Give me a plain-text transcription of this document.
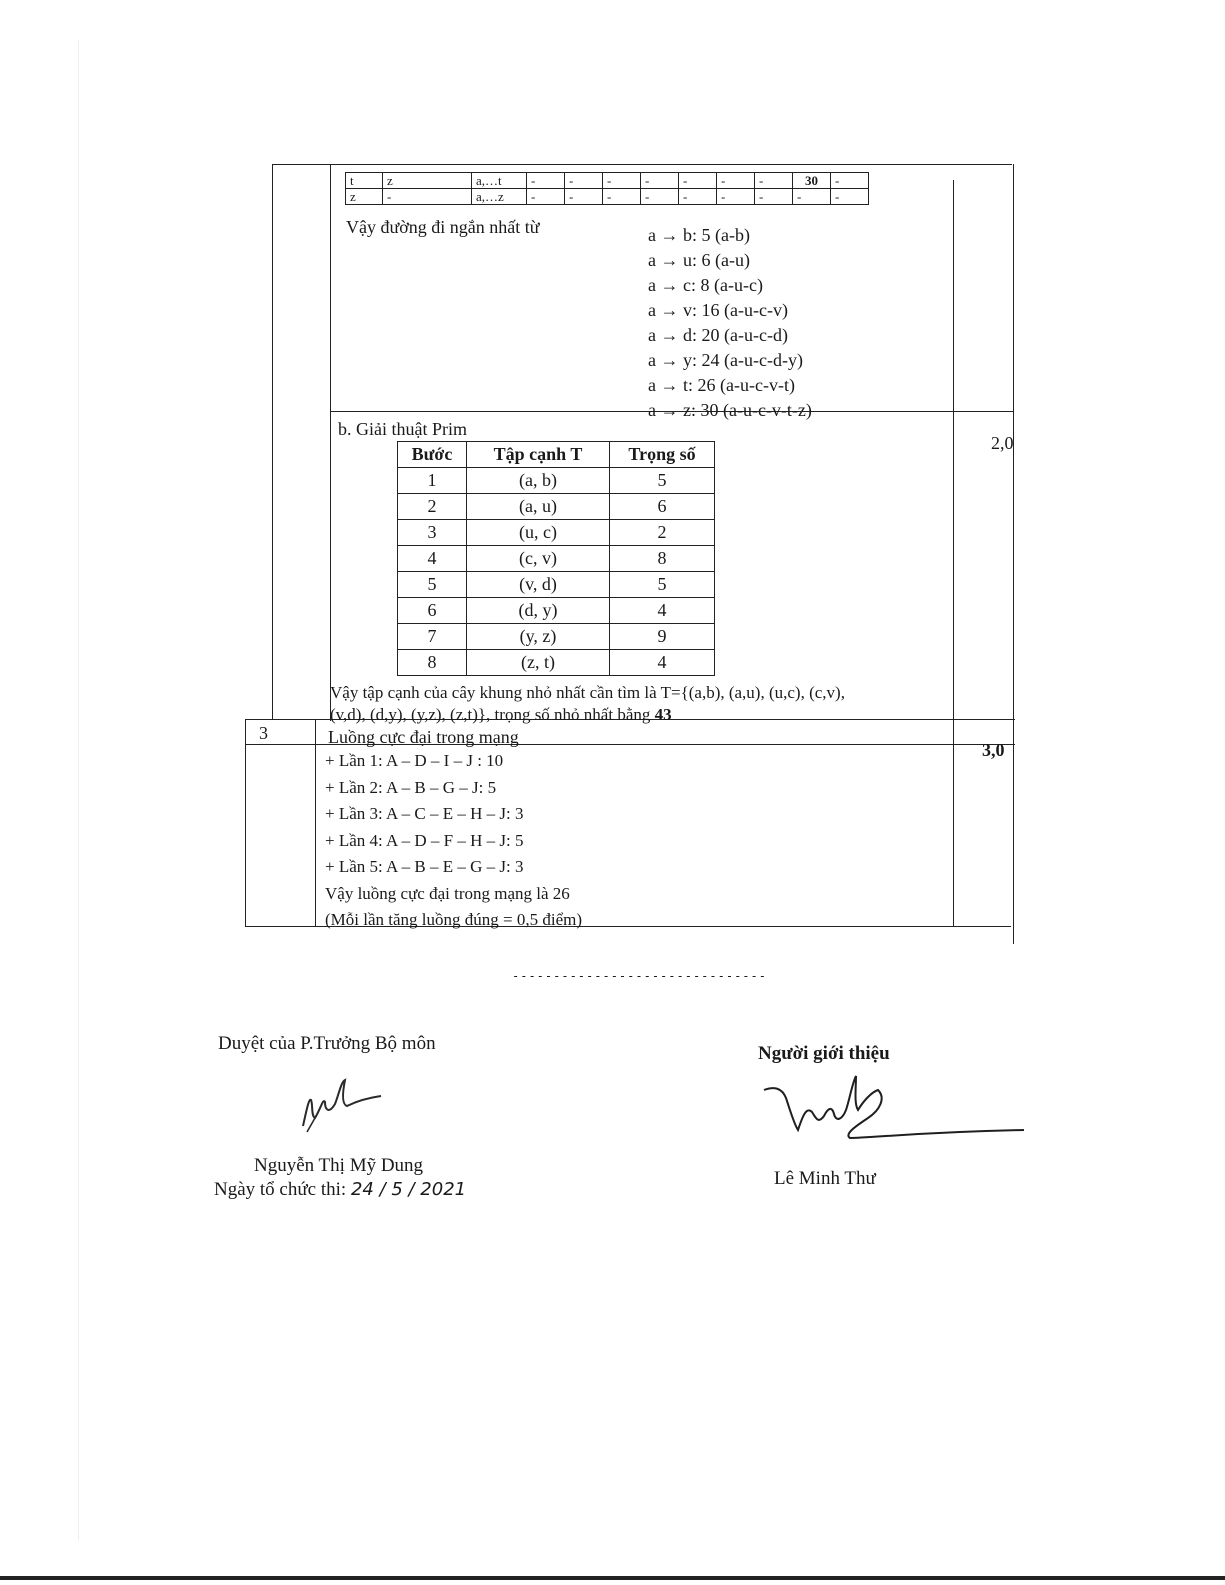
t	z	a,…t	-	-	-	-	-	-	-	30	-
z	-	a,…z	-	-	-	-	-	-	-	-	-
Vậy đường đi ngắn nhất từ	a → b: 5 (a-b)
a → u: 6 (a-u)
a → c: 8 (a-u-c)
a → v: 16 (a-u-c-v)
a → d: 20 (a-u-c-d)
a → y: 24 (a-u-c-d-y)
a → t: 26 (a-u-c-v-t)
a → z: 30 (a-u-c-v-t-z)
b. Giải thuật Prim
2,0
Bước	Tập cạnh T	Trọng số
1	(a, b)	5
2	(a, u)	6
3	(u, c)	2
4	(c, v)	8
5	(v, d)	5
6	(d, y)	4
7	(y, z)	9
8	(z, t)	4
Vậy tập cạnh của cây khung nhỏ nhất cần tìm là T={(a,b), (a,u), (u,c), (c,v),
(v,d), (d,y), (y,z), (z,t)}, trọng số nhỏ nhất bằng 43
3	Luồng cực đại trong mạng
3,0
+ Lần 1: A – D – I – J : 10
+ Lần 2: A – B – G – J: 5
+ Lần 3: A – C – E – H – J: 3
+ Lần 4: A – D – F – H – J: 5
+ Lần 5: A – B – E – G – J: 3
Vậy luồng cực đại trong mạng là 26
(Mỗi lần tăng luồng đúng = 0,5 điểm)
-------------------------------
Duyệt của P.Trưởng Bộ môn
Nguyễn Thị Mỹ Dung
Ngày tổ chức thi: 24 / 5 / 2021
Người giới thiệu
Lê Minh Thư
